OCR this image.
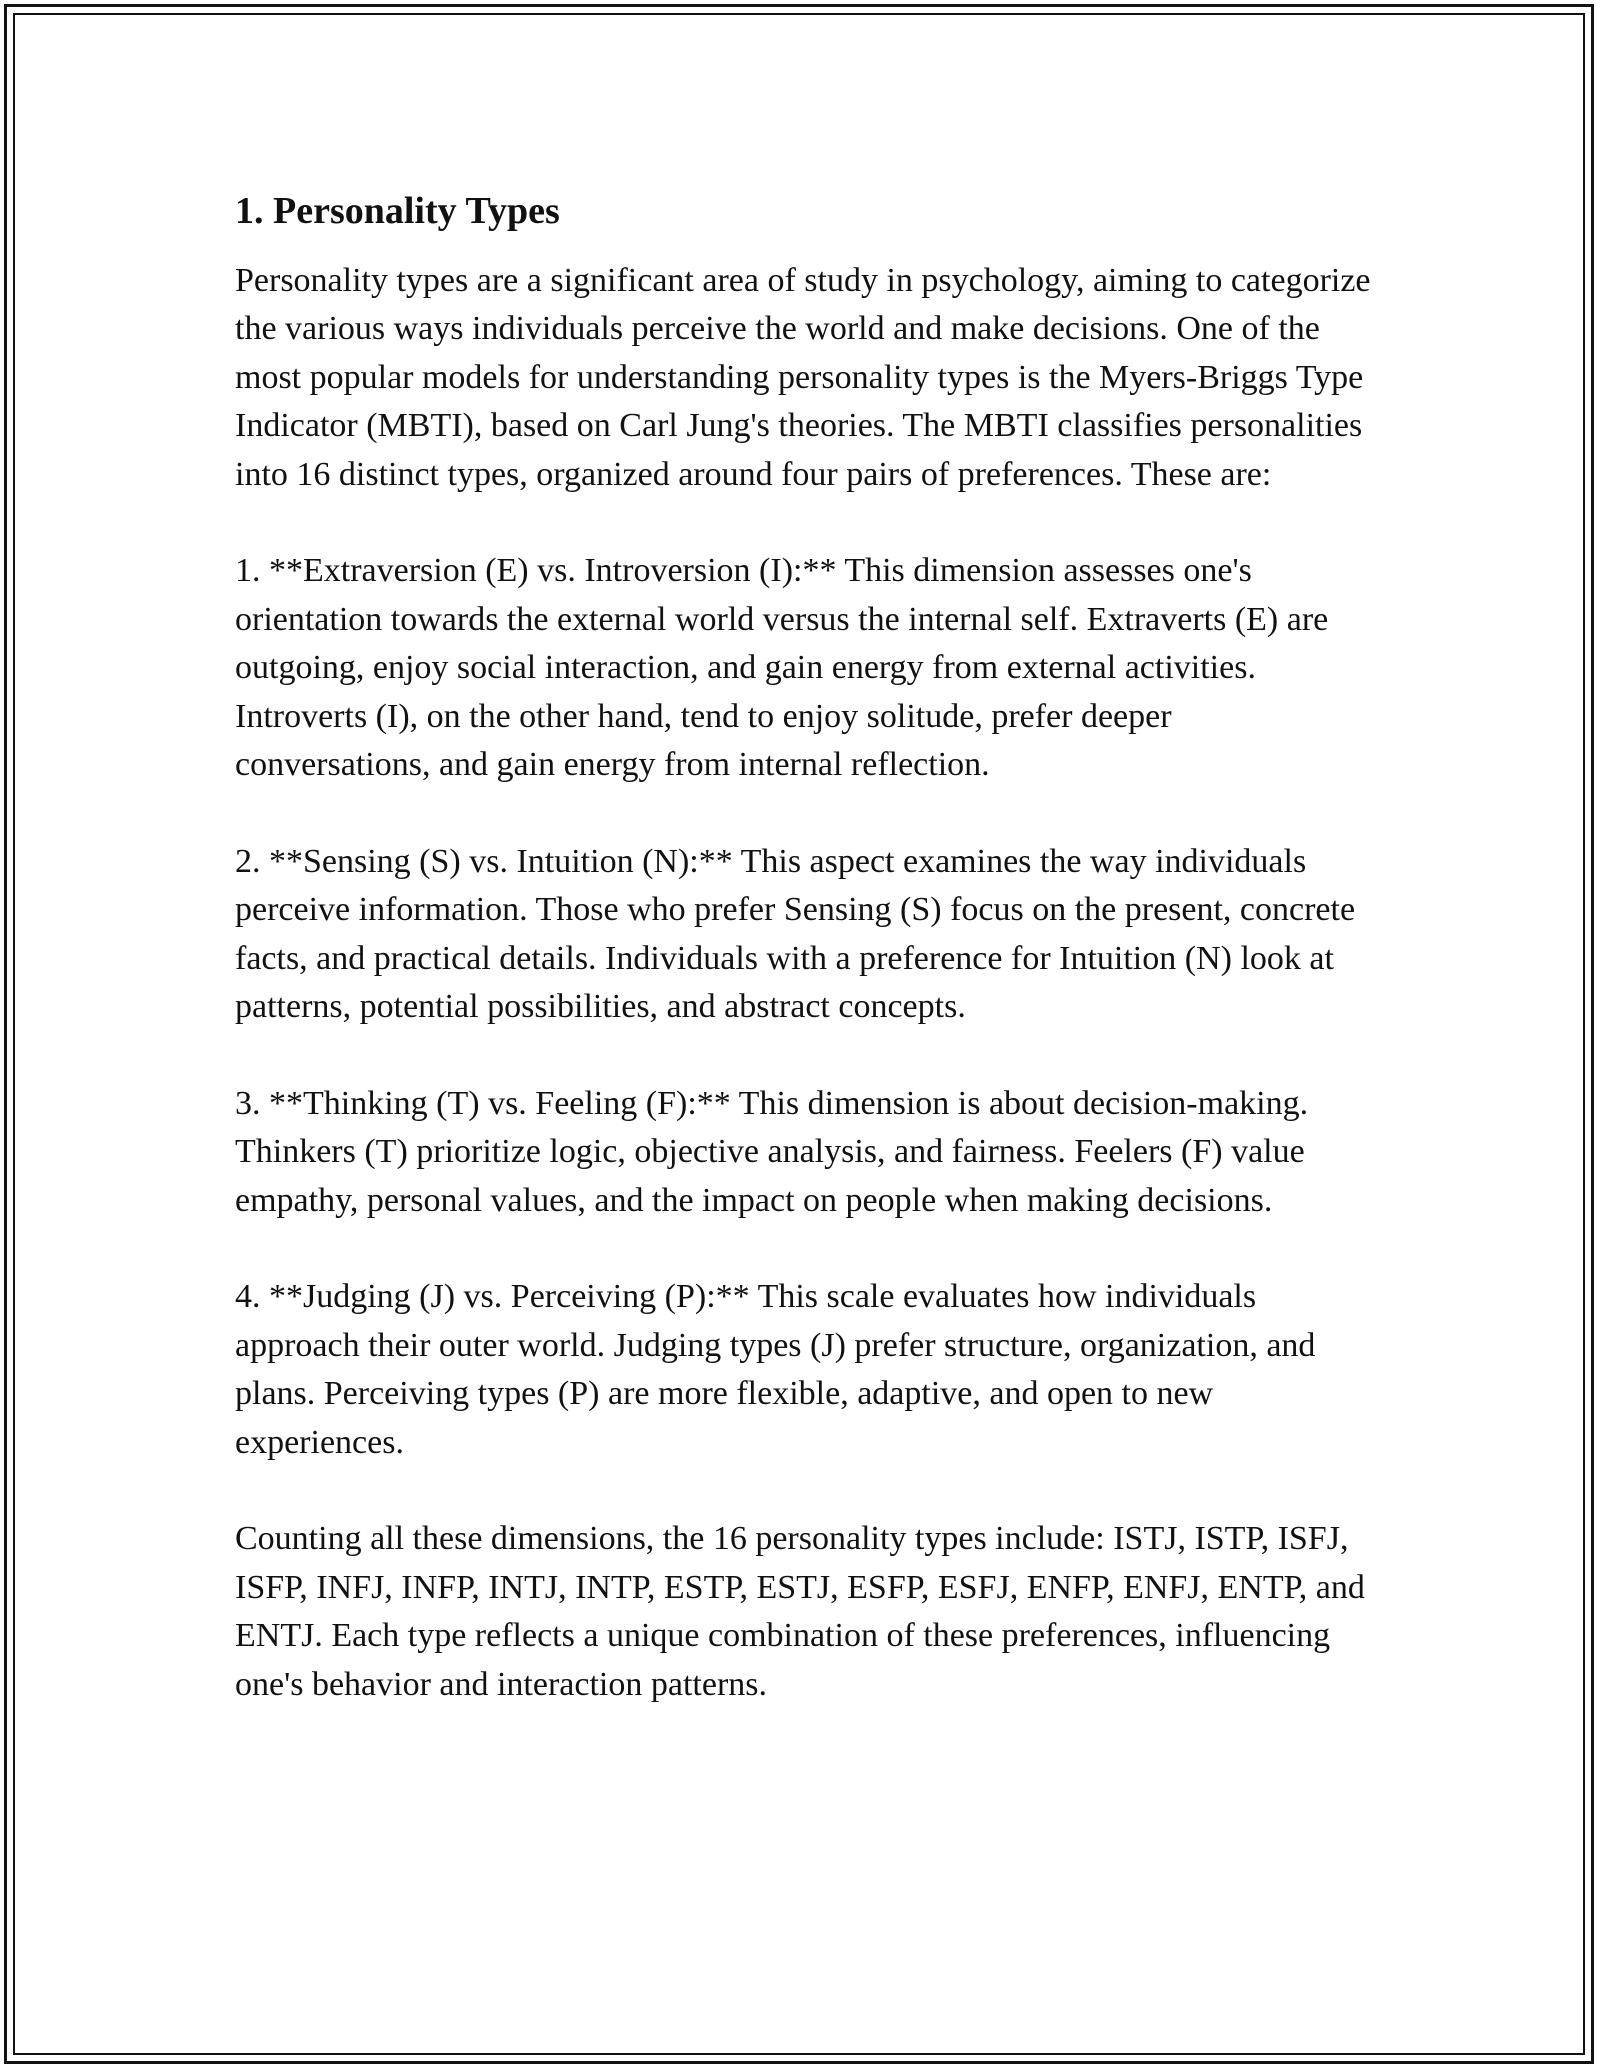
1. Personality Types

Personality types are a significant area of study in psychology, aiming to categorize the various ways individuals perceive the world and make decisions. One of the most popular models for understanding personality types is the Myers-Briggs Type Indicator (MBTI), based on Carl Jung's theories. The MBTI classifies personalities into 16 distinct types, organized around four pairs of preferences. These are:

1. **Extraversion (E) vs. Introversion (I):** This dimension assesses one's orientation towards the external world versus the internal self. Extraverts (E) are outgoing, enjoy social interaction, and gain energy from external activities. Introverts (I), on the other hand, tend to enjoy solitude, prefer deeper conversations, and gain energy from internal reflection.

2. **Sensing (S) vs. Intuition (N):** This aspect examines the way individuals perceive information. Those who prefer Sensing (S) focus on the present, concrete facts, and practical details. Individuals with a preference for Intuition (N) look at patterns, potential possibilities, and abstract concepts.

3. **Thinking (T) vs. Feeling (F):** This dimension is about decision-making. Thinkers (T) prioritize logic, objective analysis, and fairness. Feelers (F) value empathy, personal values, and the impact on people when making decisions.

4. **Judging (J) vs. Perceiving (P):** This scale evaluates how individuals approach their outer world. Judging types (J) prefer structure, organization, and plans. Perceiving types (P) are more flexible, adaptive, and open to new experiences.

Counting all these dimensions, the 16 personality types include: ISTJ, ISTP, ISFJ, ISFP, INFJ, INFP, INTJ, INTP, ESTP, ESTJ, ESFP, ESFJ, ENFP, ENFJ, ENTP, and ENTJ. Each type reflects a unique combination of these preferences, influencing one's behavior and interaction patterns.
